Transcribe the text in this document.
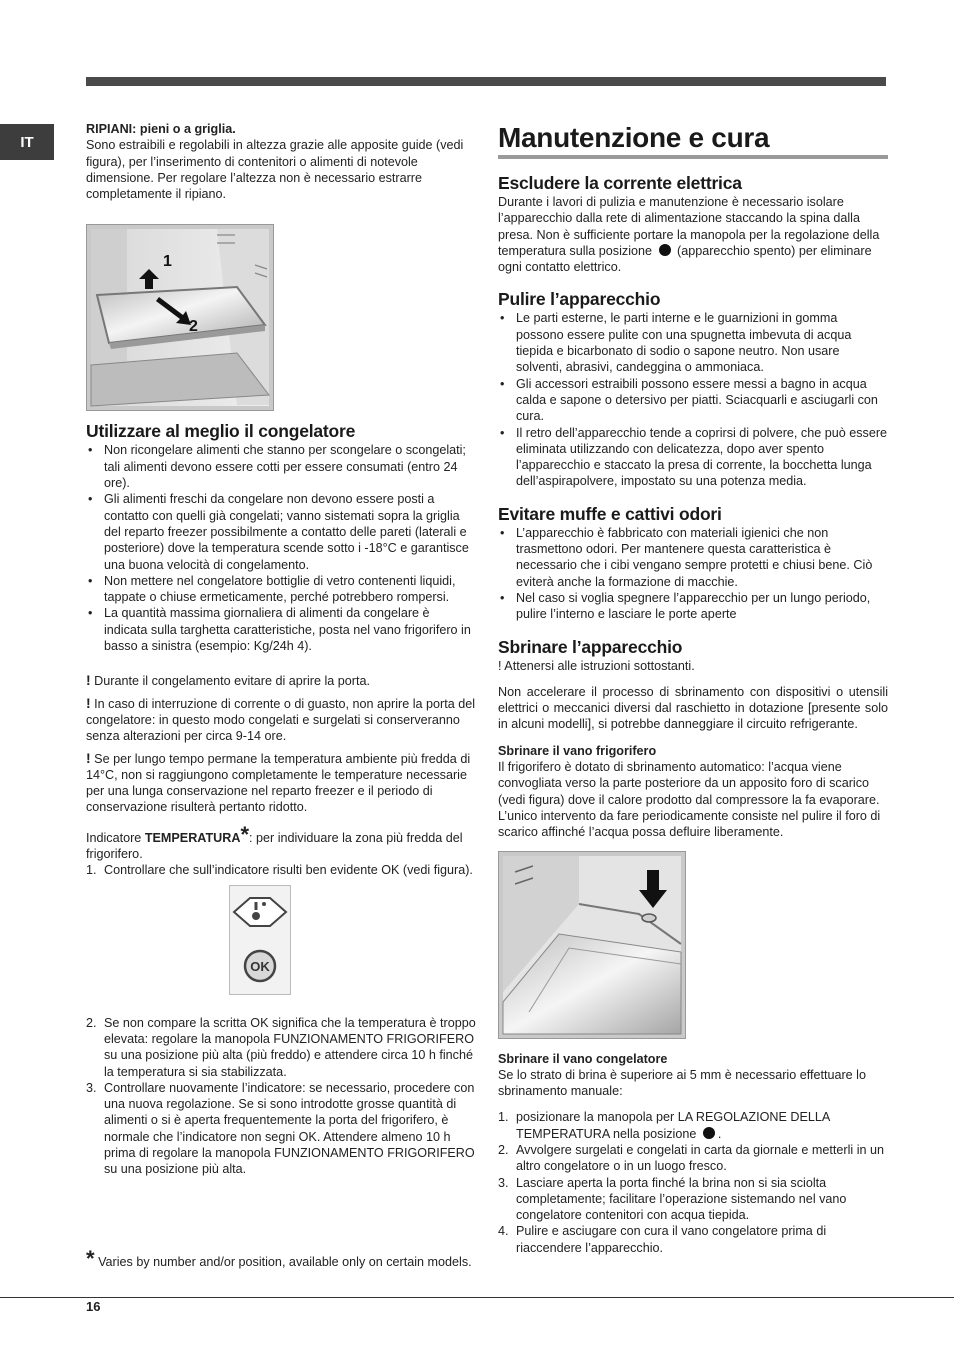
IT

RIPIANI: pieni o a griglia.

Sono estraibili e regolabili in altezza grazie alle apposite guide (vedi figura), per l’inserimento di contenitori o alimenti di notevole dimensione. Per regolare l’altezza non è necessario estrarre completamente il ripiano.

1
2
Utilizzare al meglio il congelatore
• Non ricongelare alimenti che stanno per scongelare o scongelati; tali alimenti devono essere cotti per essere consumati (entro 24 ore).
• Gli alimenti freschi da congelare non devono essere posti a contatto con quelli già congelati; vanno sistemati sopra la griglia del reparto freezer possibilmente a contatto delle pareti (laterali e posteriore) dove la temperatura scende sotto i -18°C e garantisce una buona velocità di congelamento.
• Non mettere nel congelatore bottiglie di vetro contenenti liquidi, tappate o chiuse ermeticamente, perché potrebbero rompersi.
• La quantità massima giornaliera di alimenti da congelare è indicata sulla targhetta caratteristiche, posta nel vano frigorifero in basso a sinistra (esempio: Kg/24h 4).

! Durante il congelamento evitare di aprire la porta.

! In caso di interruzione di corrente o di guasto, non aprire la porta del congelatore: in questo modo congelati e surgelati si conserveranno senza alterazioni per circa 9-14 ore.

! Se per lungo tempo permane la temperatura ambiente più fredda di 14°C, non si raggiungono completamente le temperature necessarie per una lunga conservazione nel reparto freezer e il periodo di conservazione risulterà pertanto ridotto.

Indicatore TEMPERATURA*: per individuare la zona più fredda del frigorifero.

1. Controllare che sull’indicatore risulti ben evidente OK (vedi figura).
OK
2. Se non compare la scritta OK significa che la temperatura è troppo elevata: regolare la manopola FUNZIONAMENTO FRIGORIFERO su una posizione più alta (più freddo) e attendere circa 10 h finché la temperatura si sia stabilizzata.
3. Controllare nuovamente l’indicatore: se necessario, procedere con una nuova regolazione. Se si sono introdotte grosse quantità di alimenti o si è aperta frequentemente la porta del frigorifero, è normale che l’indicatore non segni OK. Attendere almeno 10 h prima di regolare la manopola FUNZIONAMENTO FRIGORIFERO su una posizione più alta.

* Varies by number and/or position, available only on certain models.

Manutenzione e cura
Escludere la corrente elettrica

Durante i lavori di pulizia e manutenzione è necessario isolare l’apparecchio dalla rete di alimentazione staccando la spina dalla presa. Non è sufficiente portare la manopola per la regolazione della temperatura sulla posizione (apparecchio spento) per eliminare ogni contatto elettrico.

Pulire l’apparecchio
• Le parti esterne, le parti interne e le guarnizioni in gomma possono essere pulite con una spugnetta imbevuta di acqua tiepida e bicarbonato di sodio o sapone neutro. Non usare solventi, abrasivi, candeggina o ammoniaca.
• Gli accessori estraibili possono essere messi a bagno in acqua calda e sapone o detersivo per piatti. Sciacquarli e asciugarli con cura.
• Il retro dell’apparecchio tende a coprirsi di polvere, che può essere eliminata utilizzando con delicatezza, dopo aver spento l’apparecchio e staccato la presa di corrente, la bocchetta lunga dell’aspirapolvere, impostato su una potenza media.
Evitare muffe e cattivi odori
• L’apparecchio è fabbricato con materiali igienici che non trasmettono odori. Per mantenere questa caratteristica è necessario che i cibi vengano sempre protetti e chiusi bene. Ciò eviterà anche la formazione di macchie.
• Nel caso si voglia spegnere l’apparecchio per un lungo periodo, pulire l’interno e lasciare le porte aperte
Sbrinare l’apparecchio

! Attenersi alle istruzioni sottostanti.

Non accelerare il processo di sbrinamento con dispositivi o utensili elettrici o meccanici diversi dal raschietto in dotazione [presente solo in alcuni modelli], si potrebbe danneggiare il circuito refrigerante.

Sbrinare il vano frigorifero

Il frigorifero è dotato di sbrinamento automatico: l’acqua viene convogliata verso la parte posteriore da un apposito foro di scarico (vedi figura) dove il calore prodotto dal compressore la fa evaporare. L’unico intervento da fare periodicamente consiste nel pulire il foro di scarico affinché l’acqua possa defluire liberamente.

Sbrinare il vano congelatore

Se lo strato di brina è superiore ai 5 mm è necessario effettuare lo sbrinamento manuale:

1. posizionare la manopola per LA REGOLAZIONE DELLA TEMPERATURA nella posizione .
2. Avvolgere surgelati e congelati in carta da giornale e metterli in un altro congelatore o in un luogo fresco.
3. Lasciare aperta la porta finché la brina non si sia sciolta completamente; facilitare l’operazione sistemando nel vano congelatore contenitori con acqua tiepida.
4. Pulire e asciugare con cura il vano congelatore prima di riaccendere l’apparecchio.
16
